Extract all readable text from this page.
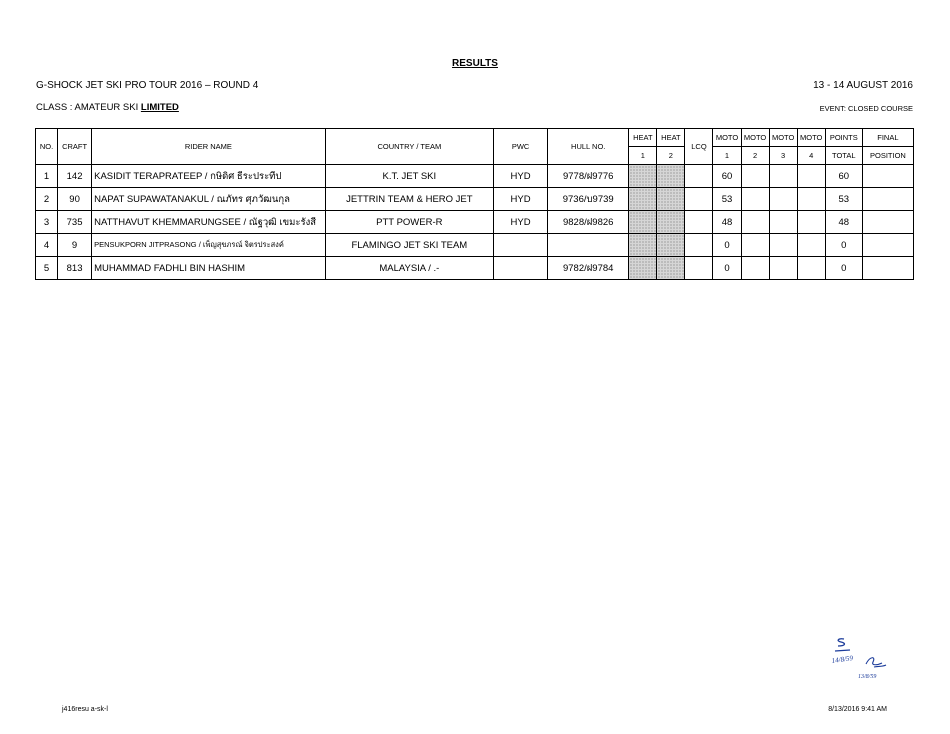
RESULTS
G-SHOCK JET SKI PRO TOUR 2016 – ROUND 4	13 - 14 AUGUST 2016
CLASS : AMATEUR SKI LIMITED	EVENT: CLOSED COURSE
NO.	CRAFT	RIDER NAME	COUNTRY / TEAM	PWC	HULL NO.	HEAT	HEAT	LCQ	MOTO	MOTO	MOTO	MOTO	POINTS	FINAL
						1	2		1	2	3	4	TOTAL	POSITION
1	142	KASIDIT TERAPRATEEP / กษิดิศ ธีระประทีป	K.T. JET SKI	HYD	9778/ฝ9776				60				60	
2	90	NAPAT SUPAWATANAKUL / ณภัทร ศุภวัฒนกุล	JETTRIN TEAM & HERO JET	HYD	9736/บ9739				53				53	
3	735	NATTHAVUT KHEMMARUNGSEE / ณัฐวุฒิ เขมะรังสี	PTT POWER-R	HYD	9828/ฝ9826				48				48	
4	9	PENSUKPORN JITPRASONG / เพ็ญสุขภรณ์ จิตรประสงค์	FLAMINGO JET SKI TEAM						0				0	
5	813	MUHAMMAD FADHLI BIN HASHIM	MALAYSIA / .-		9782/ฝ9784				0				0	
14/8/59
13/8/59
j416resu a-sk-l	8/13/2016 9:41 AM
